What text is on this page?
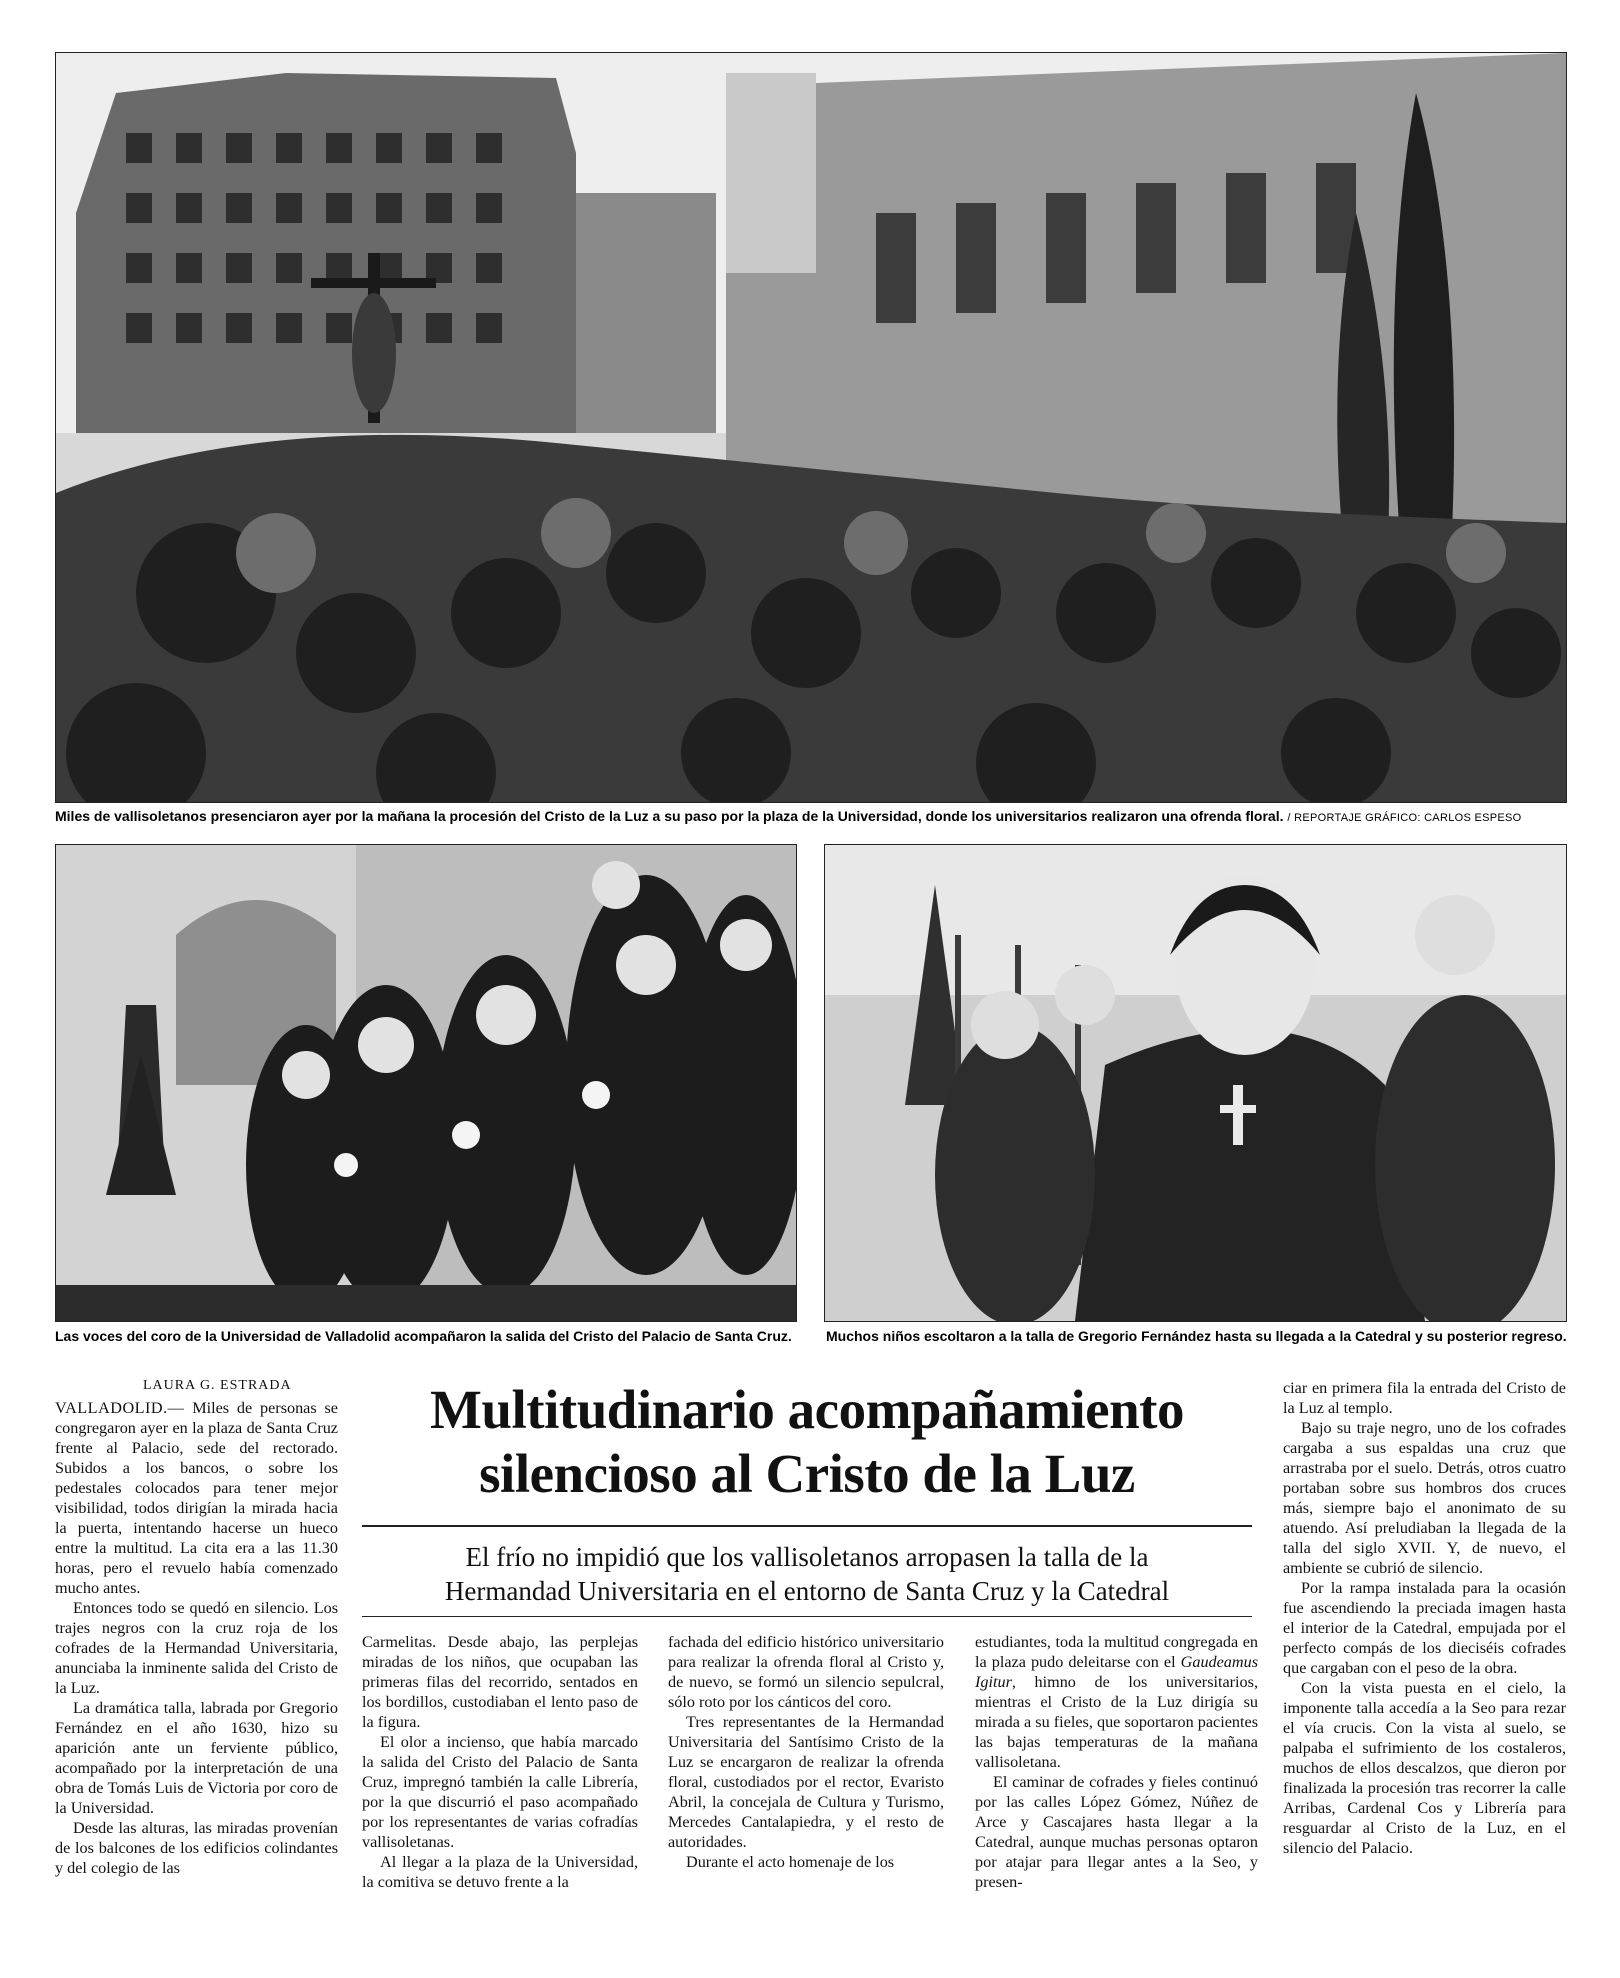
Miles de vallisoletanos presenciaron ayer por la mañana la procesión del Cristo de la Luz a su paso por la plaza de la Universidad, donde los universitarios realizaron una ofrenda floral. / REPORTAJE GRÁFICO: CARLOS ESPESO
Las voces del coro de la Universidad de Valladolid acompañaron la salida del Cristo del Palacio de Santa Cruz. Muchos niños escoltaron a la talla de Gregorio Fernández hasta su llegada a la Catedral y su posterior regreso.
LAURA G. ESTRADA	Multitudinario acompañamiento
silencioso al Cristo de la Luz
El frío no impidió que los vallisoletanos arropasen la talla de la
Hermandad Universitaria en el entorno de Santa Cruz y la Catedral

VALLADOLID.— Miles de personas se congregaron ayer en la plaza de Santa Cruz frente al Palacio, sede del rectorado. Subidos a los bancos, o sobre los pedestales colocados para tener mejor visibilidad, todos dirigían la mirada hacia la puerta, intentando hacerse un hueco entre la multitud. La cita era a las 11.30 horas, pero el revuelo había comenzado mucho antes.

Entonces todo se quedó en silencio. Los trajes negros con la cruz roja de los cofrades de la Hermandad Universitaria, anunciaba la inminente salida del Cristo de la Luz.

La dramática talla, labrada por Gregorio Fernández en el año 1630, hizo su aparición ante un ferviente público, acompañado por la interpretación de una obra de Tomás Luis de Victoria por coro de la Universidad.

Desde las alturas, las miradas provenían de los balcones de los edificios colindantes y del colegio de las

Carmelitas. Desde abajo, las perplejas miradas de los niños, que ocupaban las primeras filas del recorrido, sentados en los bordillos, custodiaban el lento paso de la figura.

El olor a incienso, que había marcado la salida del Cristo del Palacio de Santa Cruz, impregnó también la calle Librería, por la que discurrió el paso acompañado por los representantes de varias cofradías vallisoletanas.

Al llegar a la plaza de la Universidad, la comitiva se detuvo frente a la

fachada del edificio histórico universitario para realizar la ofrenda floral al Cristo y, de nuevo, se formó un silencio sepulcral, sólo roto por los cánticos del coro.

Tres representantes de la Hermandad Universitaria del Santísimo Cristo de la Luz se encargaron de realizar la ofrenda floral, custodiados por el rector, Evaristo Abril, la concejala de Cultura y Turismo, Mercedes Cantalapiedra, y el resto de autoridades.

Durante el acto homenaje de los

estudiantes, toda la multitud congregada en la plaza pudo deleitarse con el Gaudeamus Igitur, himno de los universitarios, mientras el Cristo de la Luz dirigía su mirada a su fieles, que soportaron pacientes las bajas temperaturas de la mañana vallisoletana.

El caminar de cofrades y fieles continuó por las calles López Gómez, Núñez de Arce y Cascajares hasta llegar a la Catedral, aunque muchas personas optaron por atajar para llegar antes a la Seo, y presen-

ciar en primera fila la entrada del Cristo de la Luz al templo.

Bajo su traje negro, uno de los cofrades cargaba a sus espaldas una cruz que arrastraba por el suelo. Detrás, otros cuatro portaban sobre sus hombros dos cruces más, siempre bajo el anonimato de su atuendo. Así preludiaban la llegada de la talla del siglo XVII. Y, de nuevo, el ambiente se cubrió de silencio.

Por la rampa instalada para la ocasión fue ascendiendo la preciada imagen hasta el interior de la Catedral, empujada por el perfecto compás de los dieciséis cofrades que cargaban con el peso de la obra.

Con la vista puesta en el cielo, la imponente talla accedía a la Seo para rezar el vía crucis. Con la vista al suelo, se palpaba el sufrimiento de los costaleros, muchos de ellos descalzos, que dieron por finalizada la procesión tras recorrer la calle Arribas, Cardenal Cos y Librería para resguardar al Cristo de la Luz, en el silencio del Palacio.
